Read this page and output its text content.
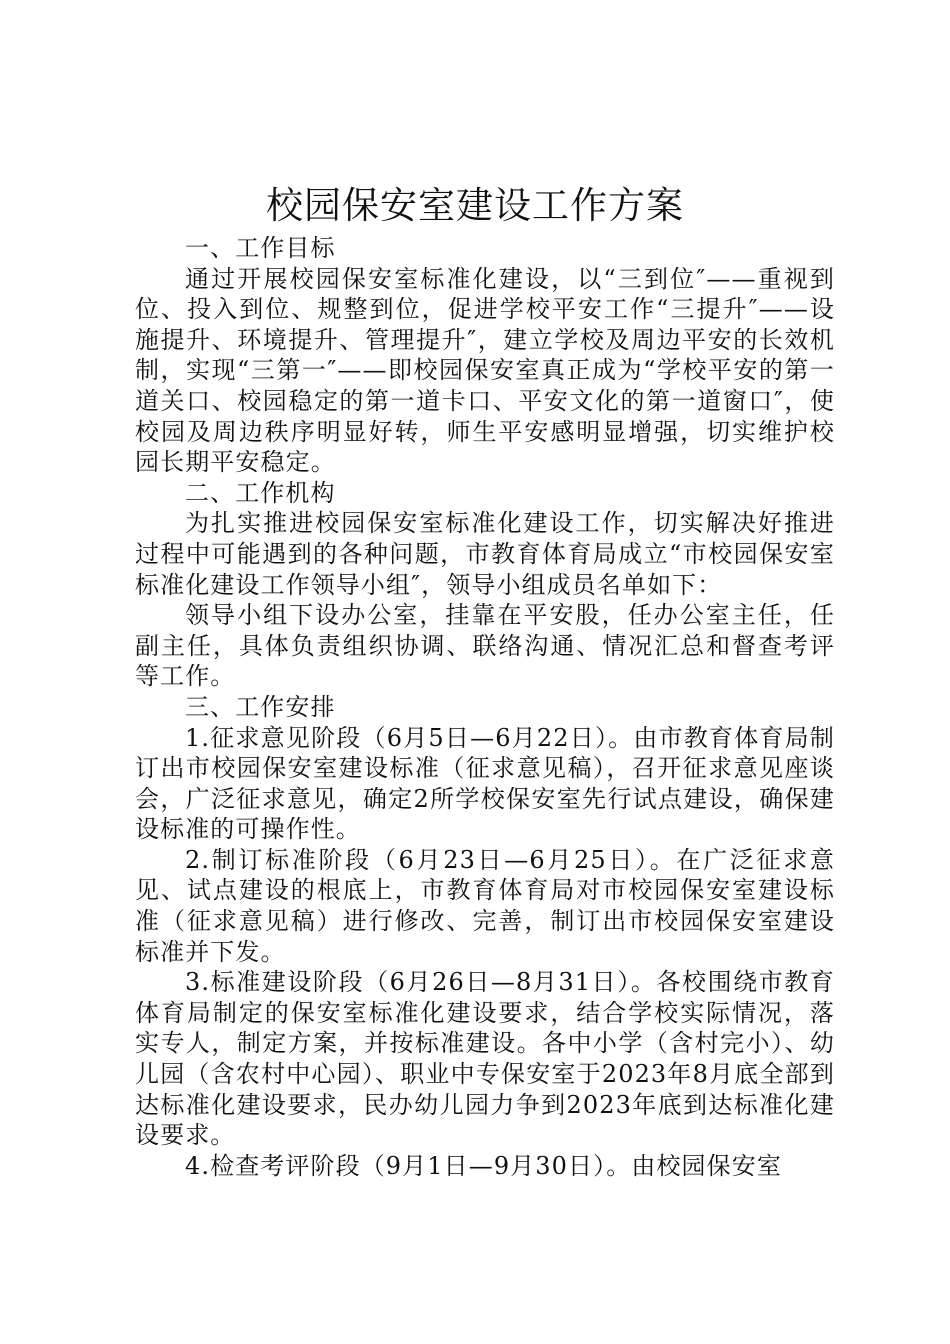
校园保安室建设工作方案

一、工作目标

通过开展校园保安室标准化建设，以“三到位″——重视到位、投入到位、规整到位，促进学校平安工作“三提升″——设施提升、环境提升、管理提升″，建立学校及周边平安的长效机制，实现“三第一″——即校园保安室真正成为“学校平安的第一道关口、校园稳定的第一道卡口、平安文化的第一道窗口″，使校园及周边秩序明显好转，师生平安感明显增强，切实维护校园长期平安稳定。

二、工作机构

为扎实推进校园保安室标准化建设工作，切实解决好推进过程中可能遇到的各种问题，市教育体育局成立“市校园保安室标准化建设工作领导小组″，领导小组成员名单如下：

领导小组下设办公室，挂靠在平安股，任办公室主任，任副主任，具体负责组织协调、联络沟通、情况汇总和督查考评等工作。

三、工作安排

1.征求意见阶段（6月5日—6月22日）。由市教育体育局制订出市校园保安室建设标准（征求意见稿），召开征求意见座谈会，广泛征求意见，确定2所学校保安室先行试点建设，确保建设标准的可操作性。

2.制订标准阶段（6月23日—6月25日）。在广泛征求意见、试点建设的根底上，市教育体育局对市校园保安室建设标准（征求意见稿）进行修改、完善，制订出市校园保安室建设标准并下发。

3.标准建设阶段（6月26日—8月31日）。各校围绕市教育体育局制定的保安室标准化建设要求，结合学校实际情况，落实专人，制定方案，并按标准建设。各中小学（含村完小）、幼儿园（含农村中心园）、职业中专保安室于2023年8月底全部到达标准化建设要求，民办幼儿园力争到2023年底到达标准化建设要求。

4.检查考评阶段（9月1日—9月30日）。由校园保安室
